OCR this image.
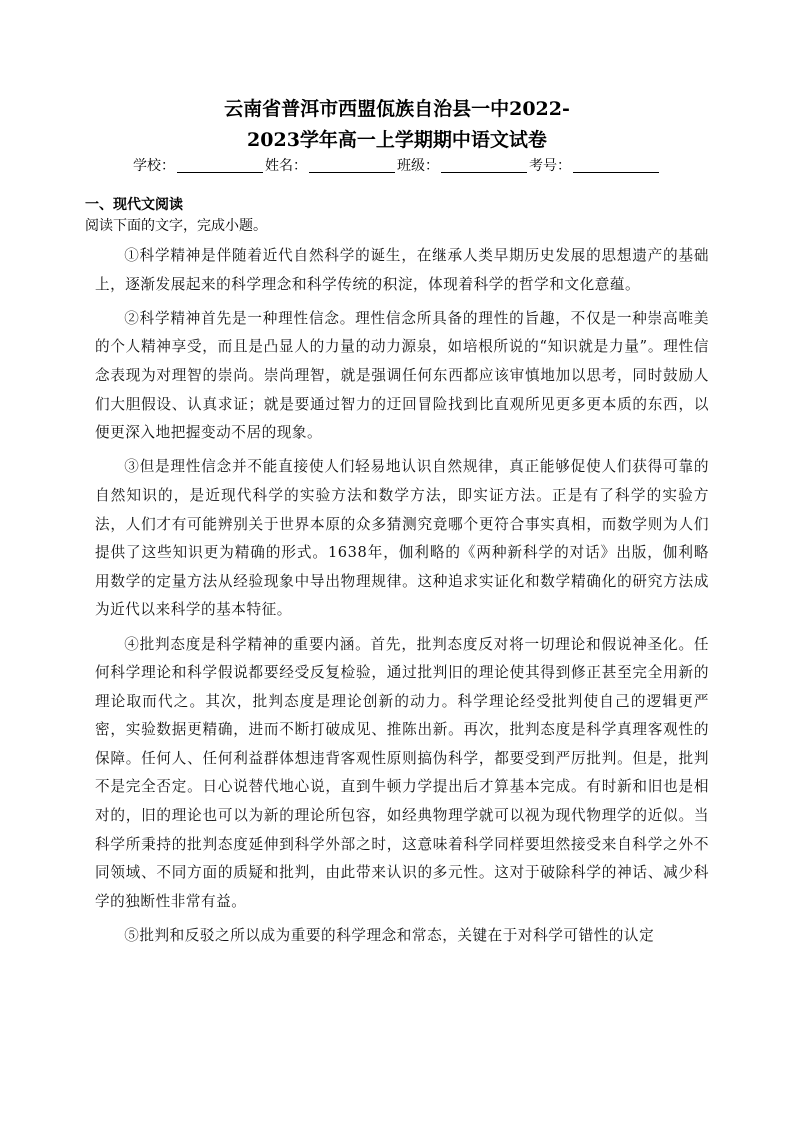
云南省普洱市西盟佤族自治县一中2022-
2023学年高一上学期期中语文试卷
学校：	姓名：	班级：	考号：
一、现代文阅读
阅读下面的文字，完成小题。

①科学精神是伴随着近代自然科学的诞生，在继承人类早期历史发展的思想遗产的基础上，逐渐发展起来的科学理念和科学传统的积淀，体现着科学的哲学和文化意蕴。

②科学精神首先是一种理性信念。理性信念所具备的理性的旨趣，不仅是一种崇高唯美的个人精神享受，而且是凸显人的力量的动力源泉，如培根所说的“知识就是力量”。理性信念表现为对理智的崇尚。崇尚理智，就是强调任何东西都应该审慎地加以思考，同时鼓励人们大胆假设、认真求证；就是要通过智力的迂回冒险找到比直观所见更多更本质的东西，以便更深入地把握变动不居的现象。

③但是理性信念并不能直接使人们轻易地认识自然规律，真正能够促使人们获得可靠的自然知识的，是近现代科学的实验方法和数学方法，即实证方法。正是有了科学的实验方法，人们才有可能辨别关于世界本原的众多猜测究竟哪个更符合事实真相，而数学则为人们提供了这些知识更为精确的形式。1638年，伽利略的《两种新科学的对话》出版，伽利略用数学的定量方法从经验现象中导出物理规律。这种追求实证化和数学精确化的研究方法成为近代以来科学的基本特征。

④批判态度是科学精神的重要内涵。首先，批判态度反对将一切理论和假说神圣化。任何科学理论和科学假说都要经受反复检验，通过批判旧的理论使其得到修正甚至完全用新的理论取而代之。其次，批判态度是理论创新的动力。科学理论经受批判使自己的逻辑更严密，实验数据更精确，进而不断打破成见、推陈出新。再次，批判态度是科学真理客观性的保障。任何人、任何利益群体想违背客观性原则搞伪科学，都要受到严厉批判。但是，批判不是完全否定。日心说替代地心说，直到牛顿力学提出后才算基本完成。有时新和旧也是相对的，旧的理论也可以为新的理论所包容，如经典物理学就可以视为现代物理学的近似。当科学所秉持的批判态度延伸到科学外部之时，这意味着科学同样要坦然接受来自科学之外不同领域、不同方面的质疑和批判，由此带来认识的多元性。这对于破除科学的神话、减少科学的独断性非常有益。

⑤批判和反驳之所以成为重要的科学理念和常态，关键在于对科学可错性的认定
